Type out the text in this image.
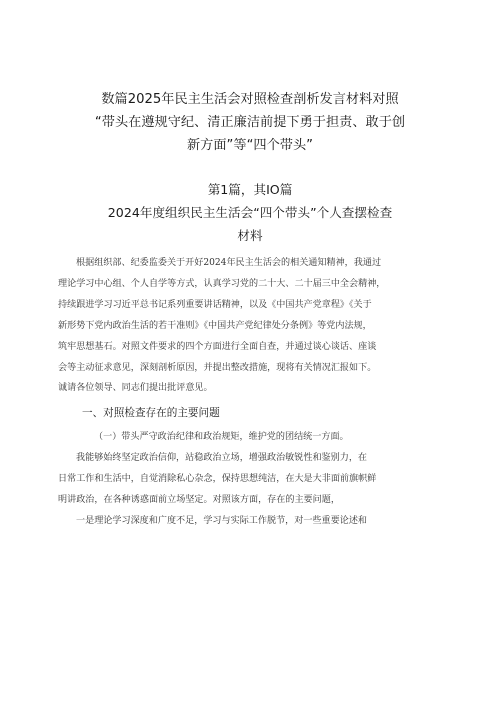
数篇2025年民主生活会对照检查剖析发言材料对照
“带头在遵规守纪、清正廉洁前提下勇于担责、敢于创
新方面”等“四个带头”
第1篇，其IO篇
2024年度组织民主生活会“四个带头”个人查摆检查
材料

根据组织部、纪委监委关于开好2024年民主生活会的相关通知精神，我通过
理论学习中心组、个人自学等方式，认真学习党的二十大、二十届三中全会精神，
持续跟进学习习近平总书记系列重要讲话精神，以及《中国共产党章程》《关于
新形势下党内政治生活的若干准则》《中国共产党纪律处分条例》等党内法规，
筑牢思想基石。对照文件要求的四个方面进行全面自查，并通过谈心谈话、座谈
会等主动征求意见，深刻剖析原因，并提出整改措施，现将有关情况汇报如下。
诚请各位领导、同志们提出批评意见。

一、对照检查存在的主要问题
（一）带头严守政治纪律和政治规矩，维护党的团结统一方面。

我能够始终坚定政治信仰，站稳政治立场，增强政治敏锐性和鉴别力，在
日常工作和生活中，自觉消除私心杂念，保持思想纯洁，在大是大非面前旗帜鲜
明讲政治，在各种诱惑面前立场坚定。对照该方面，存在的主要问题，

一是理论学习深度和广度不足，学习与实际工作脱节，对一些重要论述和
